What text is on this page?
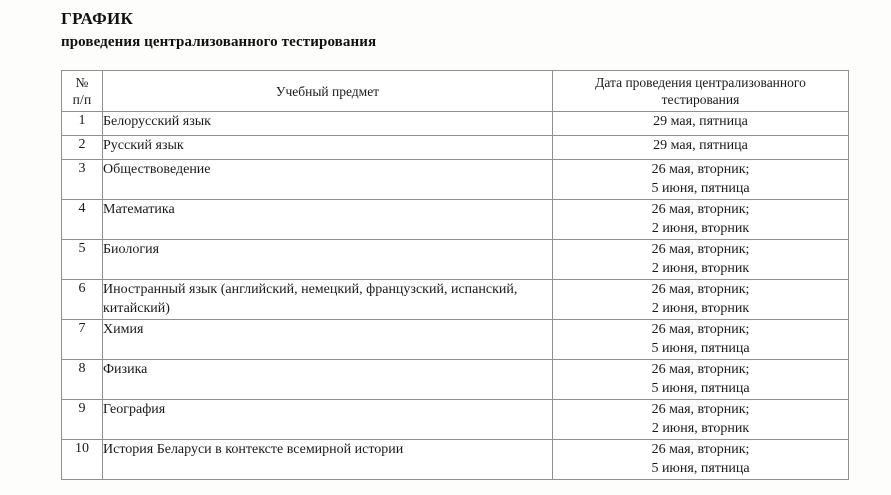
ГРАФИК
проведения централизованного тестирования
№
п/п	Учебный предмет	Дата проведения централизованного тестирования
1	Белорусский язык	29 мая, пятница

2	Русский язык	29 мая, пятница

3	Обществоведение	26 мая, вторник;
5 июня, пятница

4	Математика	26 мая, вторник;
2 июня, вторник

5	Биология	26 мая, вторник;
2 июня, вторник

6	Иностранный язык (английский, немецкий, французский, испанский, китайский)	26 мая, вторник;
2 июня, вторник

7	Химия	26 мая, вторник;
5 июня, пятница

8	Физика	26 мая, вторник;
5 июня, пятница

9	География	26 мая, вторник;
2 июня, вторник

10	История Беларуси в контексте всемирной истории	26 мая, вторник;
5 июня, пятница
